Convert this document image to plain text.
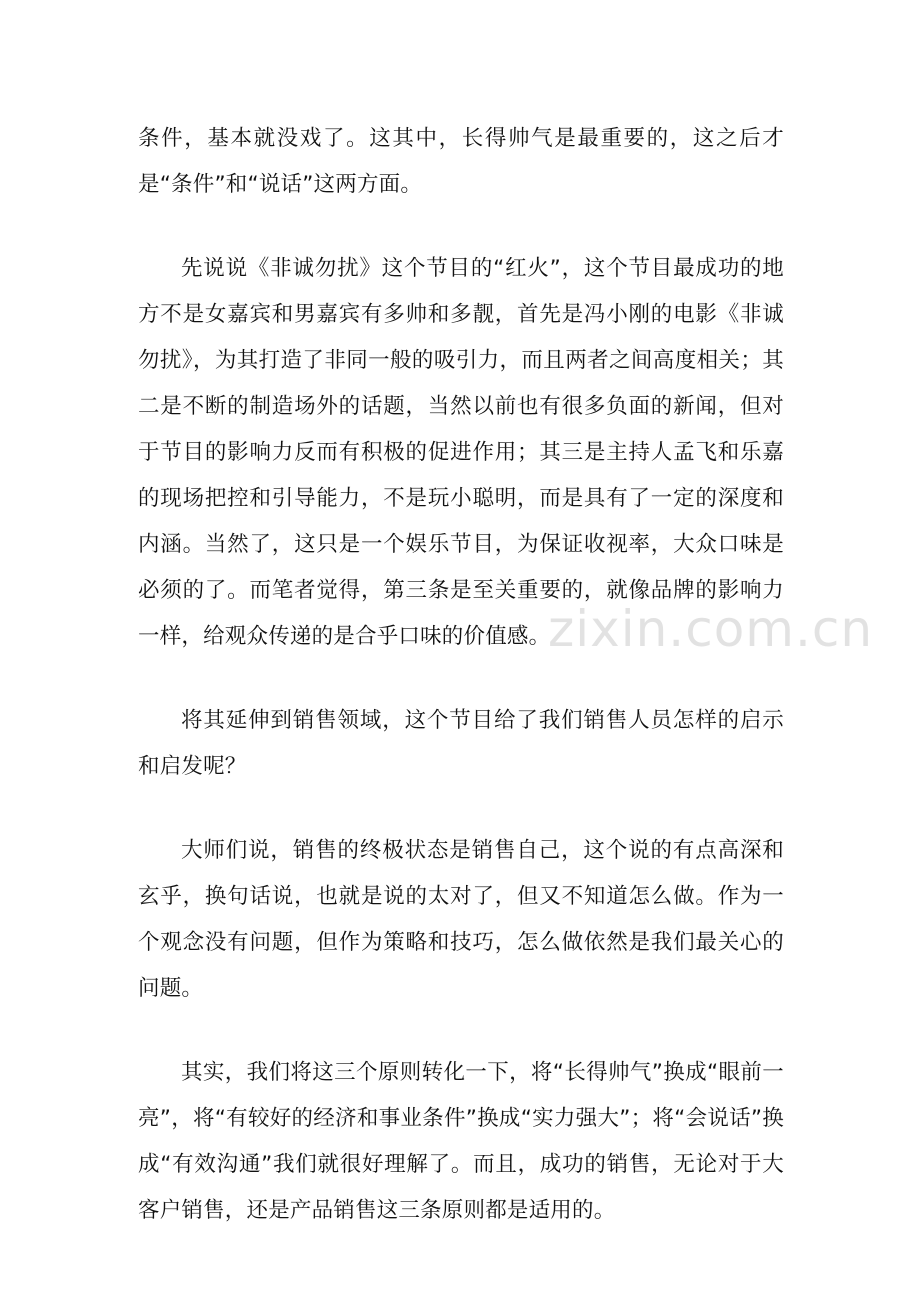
条件，基本就没戏了。这其中，长得帅气是最重要的，这之后才是“条件”和“说话”这两方面。

先说说《非诚勿扰》这个节目的“红火”，这个节目最成功的地方不是女嘉宾和男嘉宾有多帅和多靓，首先是冯小刚的电影《非诚勿扰》，为其打造了非同一般的吸引力，而且两者之间高度相关；其二是不断的制造场外的话题，当然以前也有很多负面的新闻，但对于节目的影响力反而有积极的促进作用；其三是主持人孟飞和乐嘉的现场把控和引导能力，不是玩小聪明，而是具有了一定的深度和内涵。当然了，这只是一个娱乐节目，为保证收视率，大众口味是必须的了。而笔者觉得，第三条是至关重要的，就像品牌的影响力一样，给观众传递的是合乎口味的价值感。

将其延伸到销售领域，这个节目给了我们销售人员怎样的启示和启发呢？

大师们说，销售的终极状态是销售自己，这个说的有点高深和玄乎，换句话说，也就是说的太对了，但又不知道怎么做。作为一个观念没有问题，但作为策略和技巧，怎么做依然是我们最关心的问题。

其实，我们将这三个原则转化一下，将“长得帅气”换成“眼前一亮”，将“有较好的经济和事业条件”换成“实力强大”；将“会说话”换成“有效沟通”我们就很好理解了。而且，成功的销售，无论对于大客户销售，还是产品销售这三条原则都是适用的。

zixin.com.cn
